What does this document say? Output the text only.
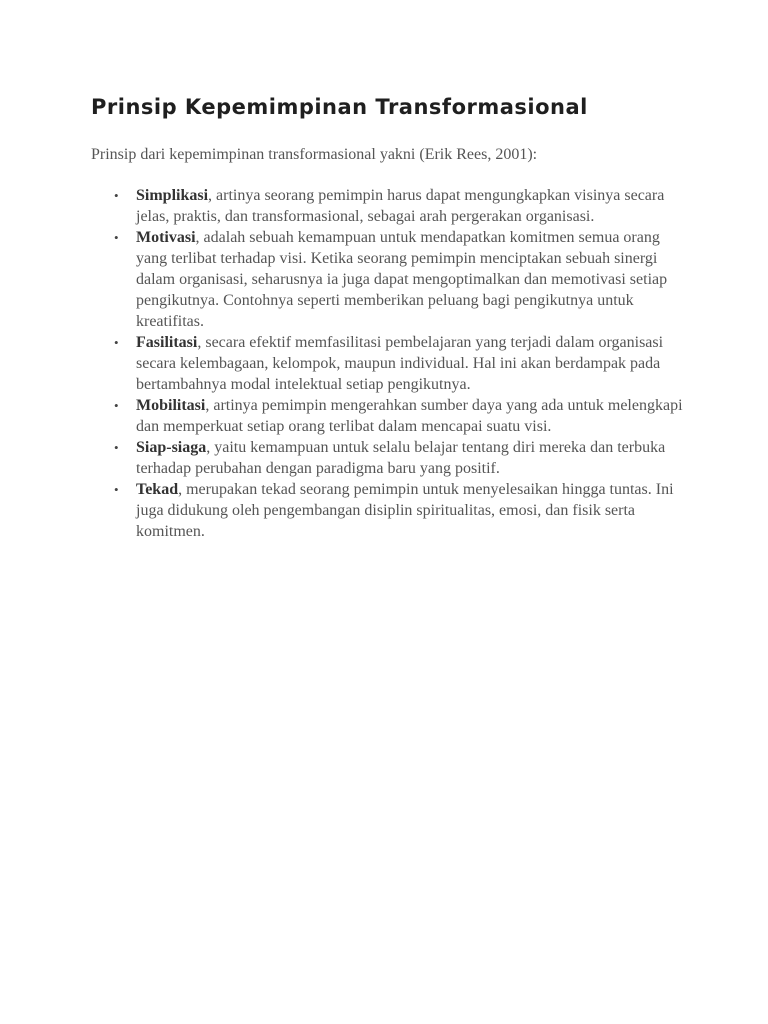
Prinsip Kepemimpinan Transformasional

Prinsip dari kepemimpinan transformasional yakni (Erik Rees, 2001):

•	Simplikasi, artinya seorang pemimpin harus dapat mengungkapkan visinya secara jelas, praktis, dan transformasional, sebagai arah pergerakan organisasi.
•	Motivasi, adalah sebuah kemampuan untuk mendapatkan komitmen semua orang yang terlibat terhadap visi. Ketika seorang pemimpin menciptakan sebuah sinergi dalam organisasi, seharusnya ia juga dapat mengoptimalkan dan memotivasi setiap pengikutnya. Contohnya seperti memberikan peluang bagi pengikutnya untuk kreatifitas.
•	Fasilitasi, secara efektif memfasilitasi pembelajaran yang terjadi dalam organisasi secara kelembagaan, kelompok, maupun individual. Hal ini akan berdampak pada bertambahnya modal intelektual setiap pengikutnya.
•	Mobilitasi, artinya pemimpin mengerahkan sumber daya yang ada untuk melengkapi dan memperkuat setiap orang terlibat dalam mencapai suatu visi.
•	Siap-siaga, yaitu kemampuan untuk selalu belajar tentang diri mereka dan terbuka terhadap perubahan dengan paradigma baru yang positif.
•	Tekad, merupakan tekad seorang pemimpin untuk menyelesaikan hingga tuntas. Ini juga didukung oleh pengembangan disiplin spiritualitas, emosi, dan fisik serta komitmen.
